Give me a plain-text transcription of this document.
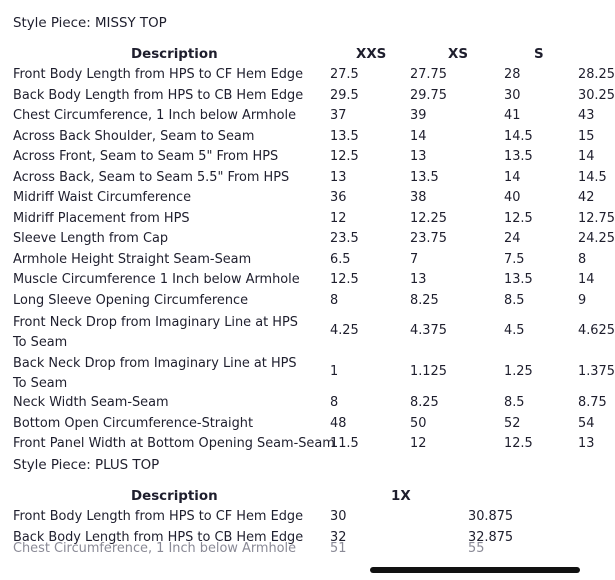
Style Piece: MISSY TOP
Description	XXS	XS	S
Front Body Length from HPS to CF Hem Edge 27.5	27.75	28	28.25
Back Body Length from HPS to CB Hem Edge 29.5	29.75	30	30.25
Chest Circumference, 1 Inch below Armhole	37	39	41	43
Across Back Shoulder, Seam to Seam	13.5	14	14.5	15
Across Front, Seam to Seam 5" From HPS	12.5	13	13.5	14
Across Back, Seam to Seam 5.5" From HPS	13	13.5	14	14.5
Midriff Waist Circumference	36	38	40	42
Midriff Placement from HPS	12	12.25	12.5	12.75
Sleeve Length from Cap	23.5	23.75	24	24.25
Armhole Height Straight Seam-Seam	6.5	7	7.5	8
Muscle Circumference 1 Inch below Armhole 12.5	13	13.5	14
Long Sleeve Opening Circumference	8	8.25	8.5	9
Front Neck Drop from Imaginary Line at HPS To Seam
4.25	4.375	4.5	4.625
Back Neck Drop from Imaginary Line at HPS To Seam
1	1.125	1.25	1.375
Neck Width Seam-Seam	8	8.25	8.5	8.75
Bottom Open Circumference-Straight	48	50	52	54
Front Panel Width at Bottom Opening Seam-Seam
11.5	12	12.5	13
Style Piece: PLUS TOP
Description	1X
Front Body Length from HPS to CF Hem Edge 30	30.875
Back Body Length from HPS to CB Hem Edge 32	32.875
Chest Circumference, 1 Inch below Armhole	51	55
